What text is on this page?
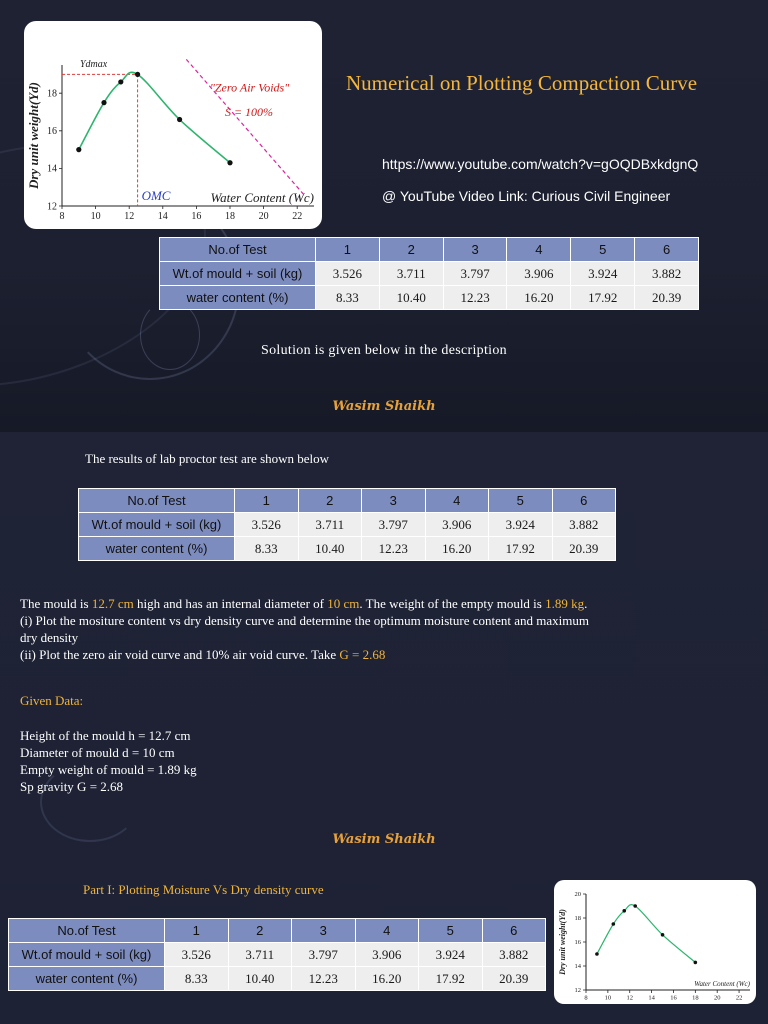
8	10 12 14 16 18 20 22
12
14
16
18
Dry unit weight(Υd)
Water Content (Wc)
Υdmax
OMC
"Zero Air Voids"
S = 100%
Numerical on Plotting Compaction Curve
https://www.youtube.com/watch?v=gOQDBxkdgnQ
@ YouTube Video Link: Curious Civil Engineer
No.of Test	1	2	3	4	5	6
Wt.of mould + soil (kg)	3.526	3.711	3.797	3.906	3.924	3.882
water content (%)	8.33	10.40	12.23	16.20	17.92	20.39
Solution is given below in the description
Wasim Shaikh
The results of lab proctor test are shown below
No.of Test	1	2	3	4	5	6
Wt.of mould + soil (kg)	3.526	3.711	3.797	3.906	3.924	3.882
water content (%)	8.33	10.40	12.23	16.20	17.92	20.39
The mould is 12.7 cm high and has an internal diameter of 10 cm. The weight of the empty mould is 1.89 kg.
(i) Plot the mositure content vs dry density curve and determine the optimum moisture content and maximum dry density
(ii) Plot the zero air void curve and 10% air void curve. Take G = 2.68
Given Data:
Height of the mould h = 12.7 cm
Diameter of mould d = 10 cm
Empty weight of mould = 1.89 kg
Sp gravity G = 2.68
Wasim Shaikh
Part I: Plotting Moisture Vs Dry density curve
No.of Test	1	2	3	4	5	6
Wt.of mould + soil (kg)	3.526	3.711	3.797	3.906	3.924	3.882
water content (%)	8.33	10.40	12.23	16.20	17.92	20.39
8	10 12 14 16 18 20 22
12
14
16
18
20
Dry unit weight(Υd)
Water Content (Wc)
